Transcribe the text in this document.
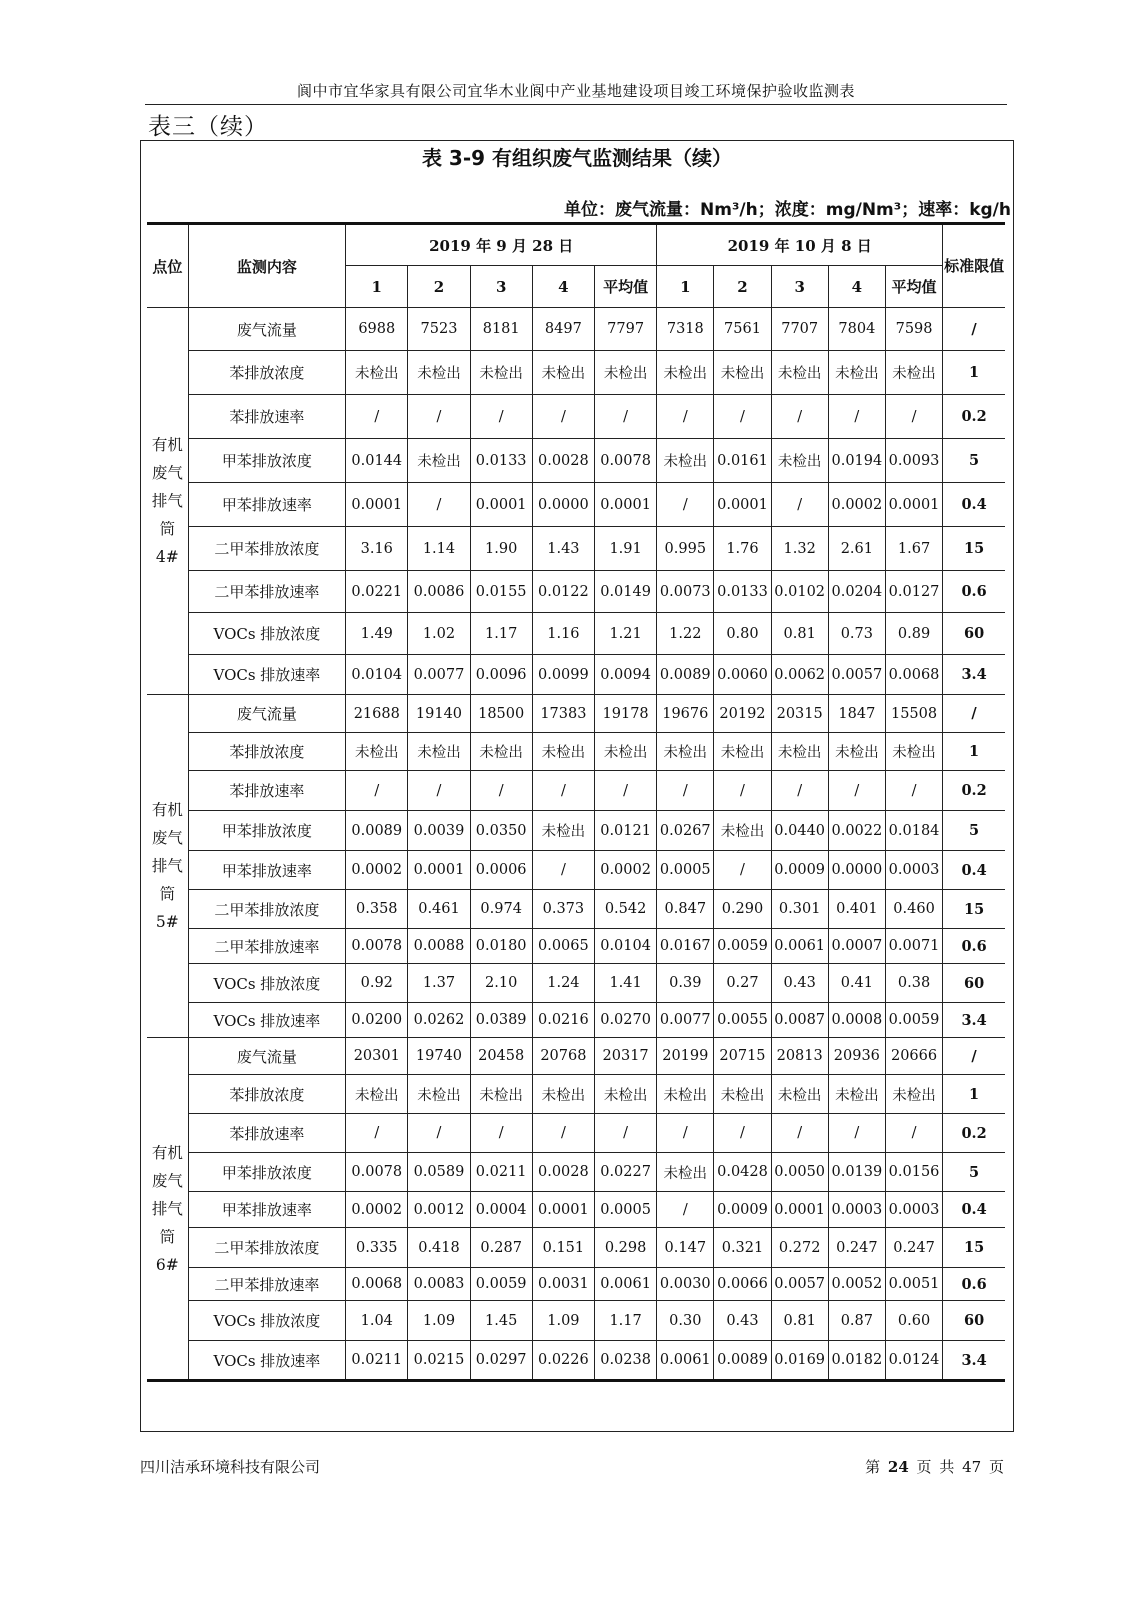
阆中市宜华家具有限公司宜华木业阆中产业基地建设项目竣工环境保护验收监测表
表三（续）
表 3-9 有组织废气监测结果（续）
单位：废气流量：Nm³/h；浓度：mg/Nm³；速率：kg/h
点位	监测内容	2019 年 9 月 28 日					2019 年 10 月 8 日					标准限值
		1	2	3	4	平均值	1	2	3	4	平均值	
有机废气排气筒 4#	废气流量	6988	7523	8181	8497	7797	7318	7561	7707	7804	7598	/
	苯排放浓度	未检出	未检出	未检出	未检出	未检出	未检出	未检出	未检出	未检出	未检出	1
	苯排放速率	/	/	/	/	/	/	/	/	/	/	0.2
	甲苯排放浓度	0.0144	未检出	0.0133	0.0028	0.0078	未检出	0.0161	未检出	0.0194	0.0093	5
	甲苯排放速率	0.0001	/	0.0001	0.0000	0.0001	/	0.0001	/	0.0002	0.0001	0.4
	二甲苯排放浓度	3.16	1.14	1.90	1.43	1.91	0.995	1.76	1.32	2.61	1.67	15
	二甲苯排放速率	0.0221	0.0086	0.0155	0.0122	0.0149	0.0073	0.0133	0.0102	0.0204	0.0127	0.6
	VOCs 排放浓度	1.49	1.02	1.17	1.16	1.21	1.22	0.80	0.81	0.73	0.89	60
	VOCs 排放速率	0.0104	0.0077	0.0096	0.0099	0.0094	0.0089	0.0060	0.0062	0.0057	0.0068	3.4
有机废气排气筒 5#	废气流量	21688	19140	18500	17383	19178	19676	20192	20315	1847	15508	/
	苯排放浓度	未检出	未检出	未检出	未检出	未检出	未检出	未检出	未检出	未检出	未检出	1
	苯排放速率	/	/	/	/	/	/	/	/	/	/	0.2
	甲苯排放浓度	0.0089	0.0039	0.0350	未检出	0.0121	0.0267	未检出	0.0440	0.0022	0.0184	5
	甲苯排放速率	0.0002	0.0001	0.0006	/	0.0002	0.0005	/	0.0009	0.0000	0.0003	0.4
	二甲苯排放浓度	0.358	0.461	0.974	0.373	0.542	0.847	0.290	0.301	0.401	0.460	15
	二甲苯排放速率	0.0078	0.0088	0.0180	0.0065	0.0104	0.0167	0.0059	0.0061	0.0007	0.0071	0.6
	VOCs 排放浓度	0.92	1.37	2.10	1.24	1.41	0.39	0.27	0.43	0.41	0.38	60
	VOCs 排放速率	0.0200	0.0262	0.0389	0.0216	0.0270	0.0077	0.0055	0.0087	0.0008	0.0059	3.4
有机废气排气筒 6#	废气流量	20301	19740	20458	20768	20317	20199	20715	20813	20936	20666	/
	苯排放浓度	未检出	未检出	未检出	未检出	未检出	未检出	未检出	未检出	未检出	未检出	1
	苯排放速率	/	/	/	/	/	/	/	/	/	/	0.2
	甲苯排放浓度	0.0078	0.0589	0.0211	0.0028	0.0227	未检出	0.0428	0.0050	0.0139	0.0156	5
	甲苯排放速率	0.0002	0.0012	0.0004	0.0001	0.0005	/	0.0009	0.0001	0.0003	0.0003	0.4
	二甲苯排放浓度	0.335	0.418	0.287	0.151	0.298	0.147	0.321	0.272	0.247	0.247	15
	二甲苯排放速率	0.0068	0.0083	0.0059	0.0031	0.0061	0.0030	0.0066	0.0057	0.0052	0.0051	0.6
	VOCs 排放浓度	1.04	1.09	1.45	1.09	1.17	0.30	0.43	0.81	0.87	0.60	60
	VOCs 排放速率	0.0211	0.0215	0.0297	0.0226	0.0238	0.0061	0.0089	0.0169	0.0182	0.0124	3.4
四川洁承环境科技有限公司	第 24 页 共 47 页
